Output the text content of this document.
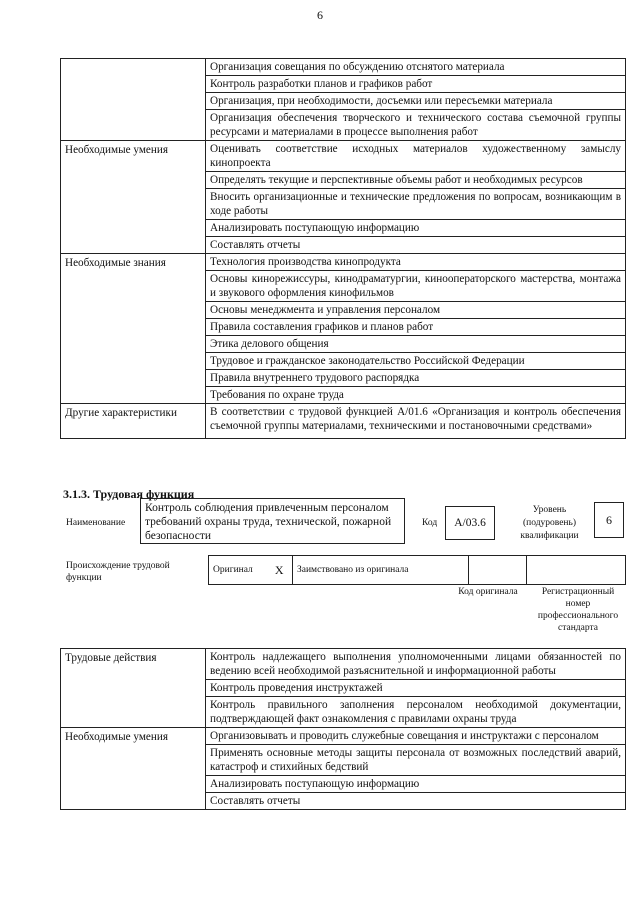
6
	Организация совещания по обсуждению отснятого материала
	Контроль разработки планов и графиков работ
	Организация, при необходимости, досъемки или пересъемки материала
	Организация обеспечения творческого и технического состава съемочной группы ресурсами и материалами в процессе выполнения работ
Необходимые умения	Оценивать соответствие исходных материалов художественному замыслу кинопроекта
	Определять текущие и перспективные объемы работ и необходимых ресурсов
	Вносить организационные и технические предложения по вопросам, возникающим в ходе работы
	Анализировать поступающую информацию
	Составлять отчеты
Необходимые знания	Технология производства кинопродукта
	Основы кинорежиссуры, кинодраматургии, кинооператорского мастерства, монтажа и звукового оформления кинофильмов
	Основы менеджмента и управления персоналом
	Правила составления графиков и планов работ
	Этика делового общения
	Трудовое и гражданское законодательство Российской Федерации
	Правила внутреннего трудового распорядка
	Требования по охране труда
Другие характеристики	В соответствии с трудовой функцией А/01.6 «Организация и контроль обеспечения съемочной группы материалами, техническими и постановочными средствами»
3.1.3. Трудовая функция
Наименование
Контроль соблюдения привлеченным персоналом требований охраны труда, технической, пожарной безопасности
Код	А/03.6
Уровень (подуровень) квалификации
6
Происхождение трудовой функции
Оригинал	X	Заимствовано из оригинала			
Код оригинала	Регистрационный номер профессионального стандарта
Трудовые действия	Контроль надлежащего выполнения уполномоченными лицами обязанностей по ведению всей необходимой разъяснительной и информационной работы
	Контроль проведения инструктажей
	Контроль правильного заполнения персоналом необходимой документации, подтверждающей факт ознакомления с правилами охраны труда
Необходимые умения	Организовывать и проводить служебные совещания и инструктажи с персоналом
	Применять основные методы защиты персонала от возможных последствий аварий, катастроф и стихийных бедствий
	Анализировать поступающую информацию
	Составлять отчеты
